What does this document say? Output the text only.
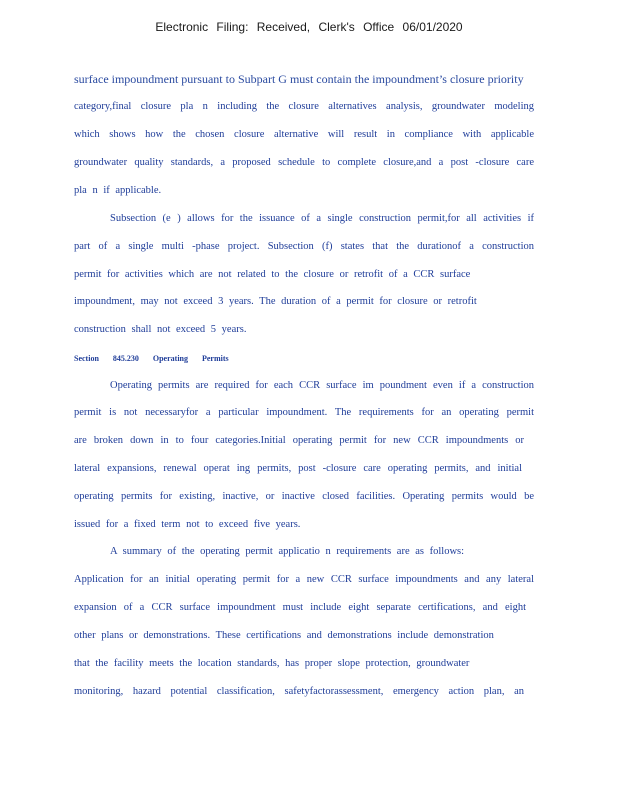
Electronic Filing: Received, Clerk's Office 06/01/2020
surface impoundment pursuant to Subpart G must contain the impoundment’s closure priority
category,final closure pla n including the closure alternatives analysis, groundwater modeling
which shows how the chosen closure alternative will result in compliance with applicable
groundwater quality standards, a proposed schedule to complete closure,and a post -closure care
pla n if applicable.
Subsection (e ) allows for the issuance of a single construction permit,for all activities if
part of a single multi -phase project. Subsection (f) states that the durationof a construction
permit for activities which are not related to the closure or retrofit of a CCR surface
impoundment, may not exceed 3 years. The duration of a permit for closure or retrofit
construction shall not exceed 5 years.
Section 845.230 Operating Permits
Operating permits are required for each CCR surface im poundment even if a construction
permit is not necessaryfor a particular impoundment. The requirements for an operating permit
are broken down in to four categories.Initial operating permit for new CCR impoundments or
lateral expansions, renewal operat ing permits, post -closure care operating permits, and initial
operating permits for existing, inactive, or inactive closed facilities. Operating permits would be
issued for a fixed term not to exceed five years.
A summary of the operating permit applicatio n requirements are as follows:
Application for an initial operating permit for a new CCR surface impoundments and any lateral
expansion of a CCR surface impoundment must include eight separate certifications, and eight
other plans or demonstrations. These certifications and demonstrations include demonstration
that the facility meets the location standards, has proper slope protection, groundwater
monitoring, hazard potential classification, safetyfactorassessment, emergency action plan, an
